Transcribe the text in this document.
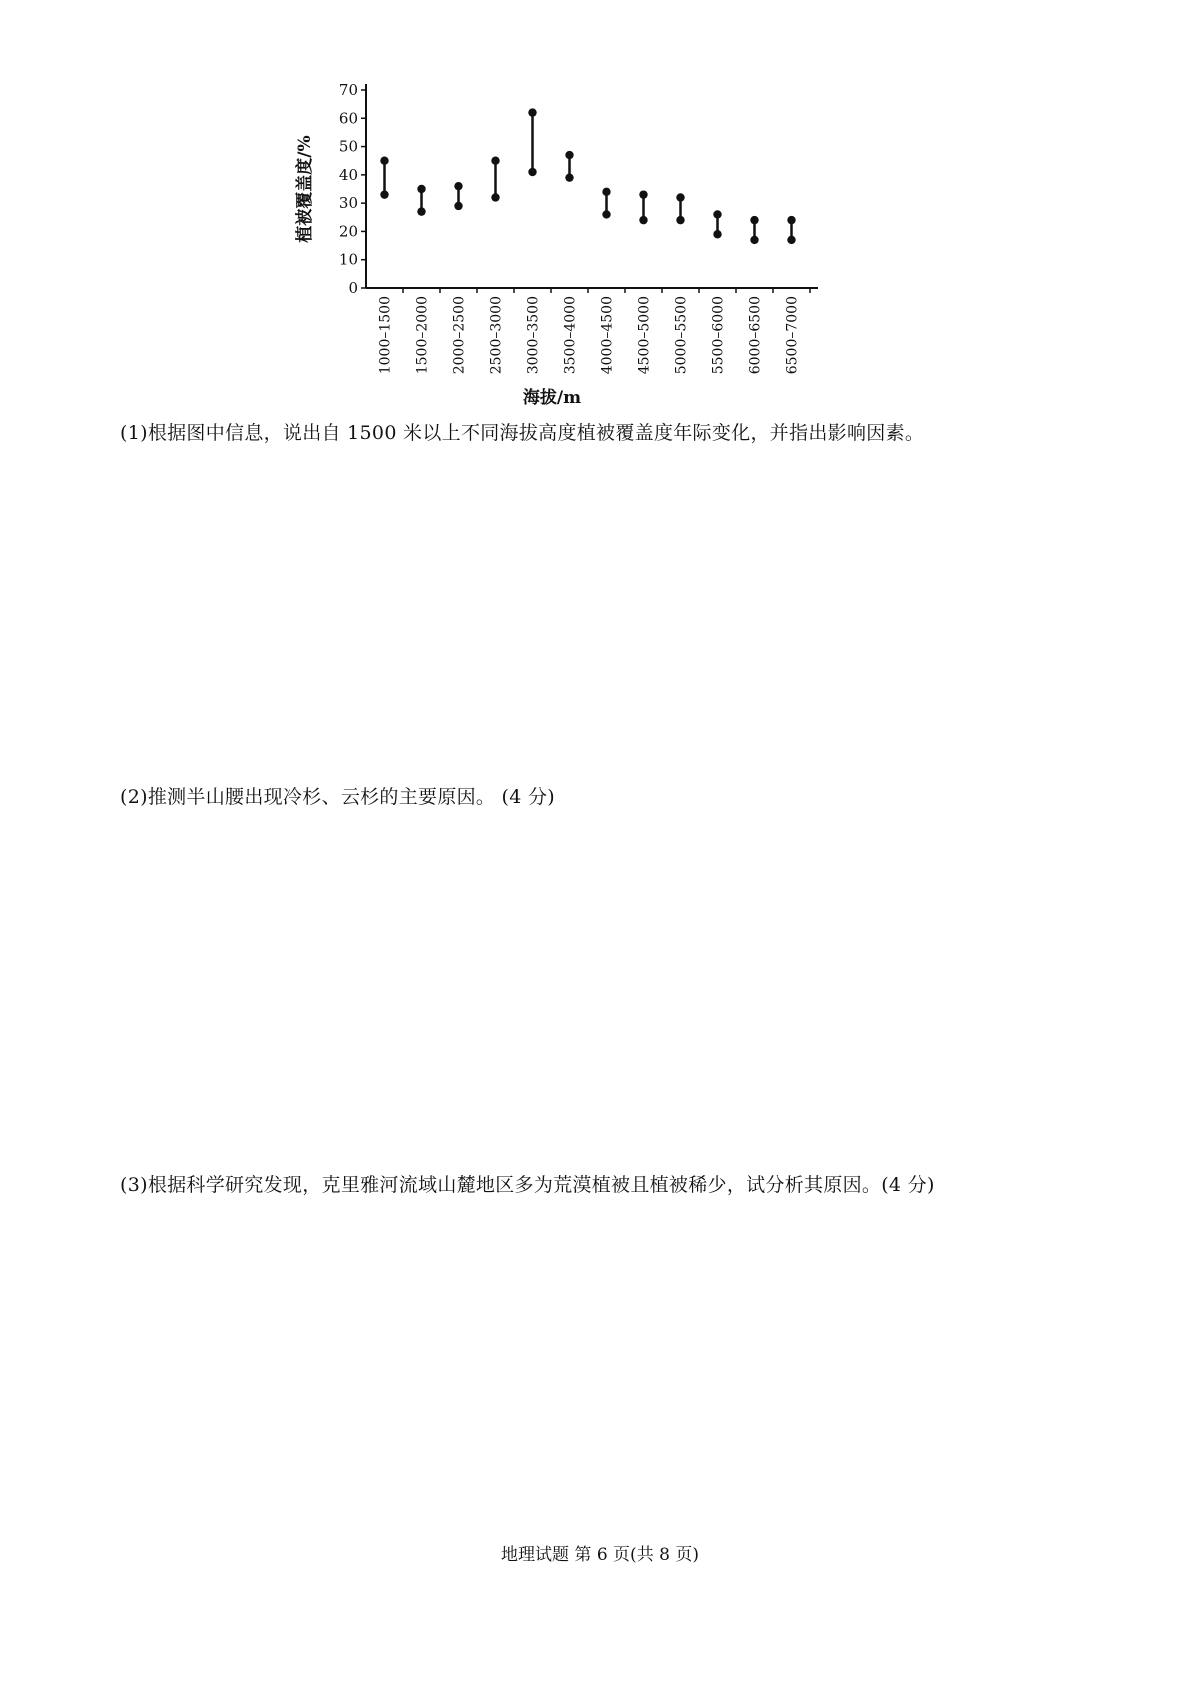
0
10
20
30
40
50
60
70
植被覆盖度/%
1000–1500 1500–2000 2000–2500 2500–3000 3000–3500 3500–4000 4000–4500 4500–5000 5000–5500 5500–6000 6000–6500 6500–7000
海拔/m
(1)根据图中信息，说出自 1500 米以上不同海拔高度植被覆盖度年际变化，并指出影响因素。
(2)推测半山腰出现冷杉、云杉的主要原因。 (4 分)
(3)根据科学研究发现，克里雅河流域山麓地区多为荒漠植被且植被稀少，试分析其原因。(4 分)
地理试题 第 6 页(共 8 页)
